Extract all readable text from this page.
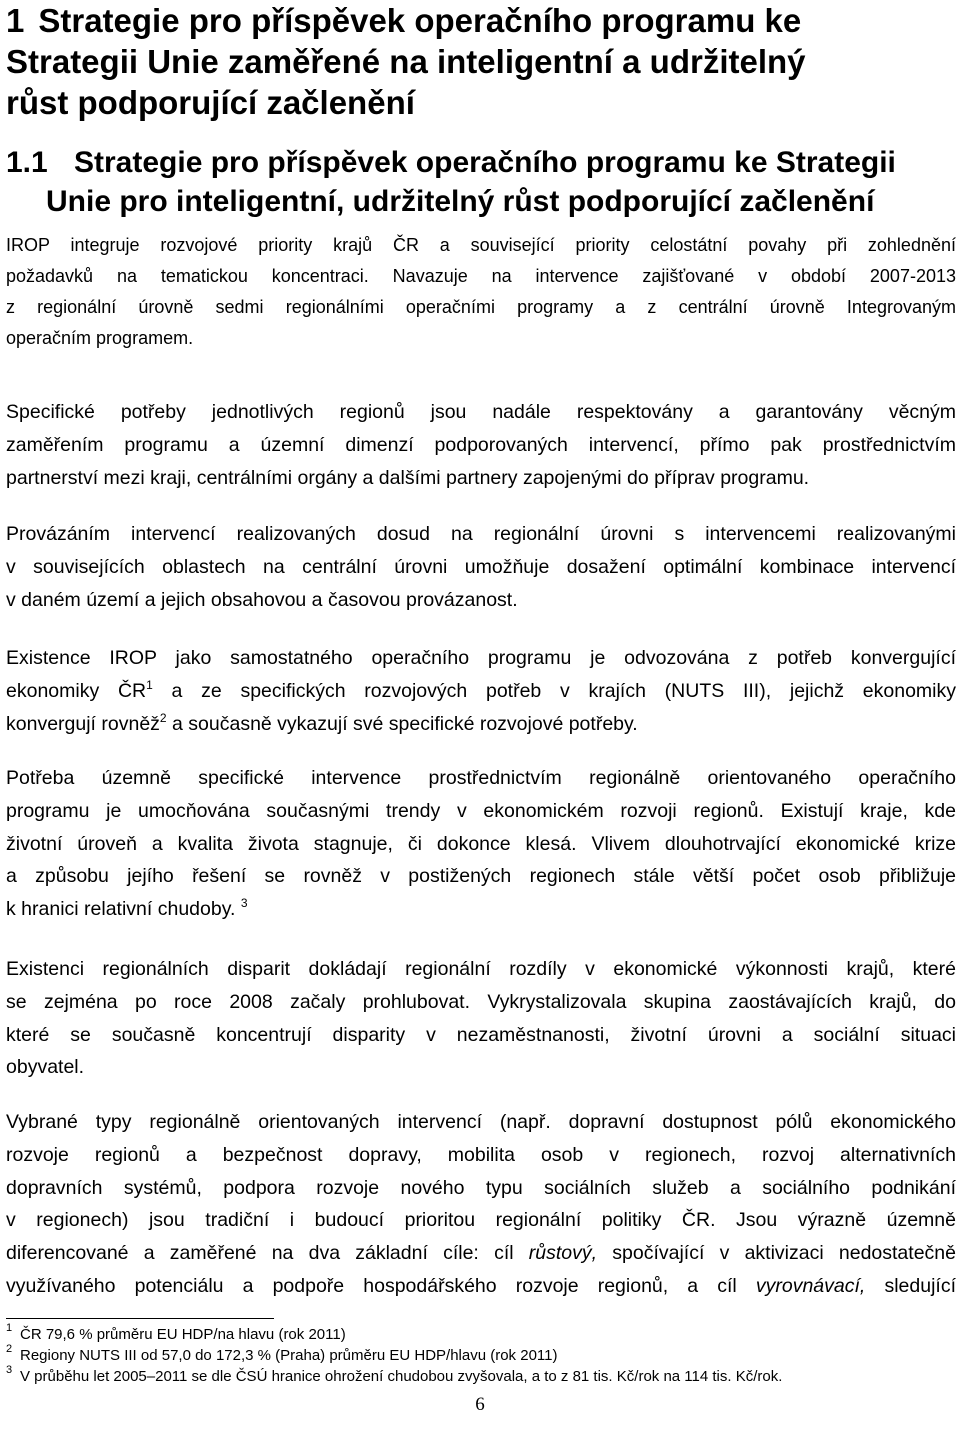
1 Strategie pro příspěvek operačního programu ke
Strategii Unie zaměřené na inteligentní a udržitelný
růst podporující začlenění
1.1 Strategie pro příspěvek operačního programu ke Strategii
Unie pro inteligentní, udržitelný růst podporující začlenění
IROP integruje rozvojové priority krajů ČR a související priority celostátní povahy při zohlednění
požadavků na tematickou koncentraci. Navazuje na intervence zajišťované v období 2007-2013
z regionální úrovně sedmi regionálními operačními programy a z centrální úrovně Integrovaným
operačním programem.
Specifické potřeby jednotlivých regionů jsou nadále respektovány a garantovány věcným
zaměřením programu a územní dimenzí podporovaných intervencí, přímo pak prostřednictvím
partnerství mezi kraji, centrálními orgány a dalšími partnery zapojenými do příprav programu.
Provázáním intervencí realizovaných dosud na regionální úrovni s intervencemi realizovanými
v souvisejících oblastech na centrální úrovni umožňuje dosažení optimální kombinace intervencí
v daném území a jejich obsahovou a časovou provázanost.
Existence IROP jako samostatného operačního programu je odvozována z potřeb konvergující
ekonomiky $ČR^1$ a ze specifických rozvojových potřeb v krajích (NUTS III), jejichž ekonomiky
konvergují rovněž$^2$ a současně vykazují své specifické rozvojové potřeby.
Potřeba územně specifické intervence prostřednictvím regionálně orientovaného operačního
programu je umocňována současnými trendy v ekonomickém rozvoji regionů. Existují kraje, kde
životní úroveň a kvalita života stagnuje, či dokonce klesá. Vlivem dlouhotrvající ekonomické krize
a způsobu jejího řešení se rovněž v postižených regionech stále větší počet osob přibližuje
k hranici relativní chudoby. $^3$
Existenci regionálních disparit dokládají regionální rozdíly v ekonomické výkonnosti krajů, které
se zejména po roce 2008 začaly prohlubovat. Vykrystalizovala skupina zaostávajících krajů, do
které se současně koncentrují disparity v nezaměstnanosti, životní úrovni a sociální situaci
obyvatel.
Vybrané typy regionálně orientovaných intervencí (např. dopravní dostupnost pólů ekonomického
rozvoje regionů a bezpečnost dopravy, mobilita osob v regionech, rozvoj alternativních
dopravních systémů, podpora rozvoje nového typu sociálních služeb a sociálního podnikání
v regionech) jsou tradiční i budoucí prioritou regionální politiky ČR. Jsou výrazně územně
diferencované a zaměřené na dva základní cíle: cíl růstový, spočívající v aktivizaci nedostatečně
využívaného potenciálu a podpoře hospodářského rozvoje regionů, a cíl vyrovnávací, sledující
1 ČR 79,6 % průměru EU HDP/na hlavu (rok 2011)
2 Regiony NUTS III od 57,0 do 172,3 % (Praha) průměru EU HDP/hlavu (rok 2011)
3 V průběhu let 2005–2011 se dle ČSÚ hranice ohrožení chudobou zvyšovala, a to z 81 tis. Kč/rok na 114 tis. Kč/rok.
6
